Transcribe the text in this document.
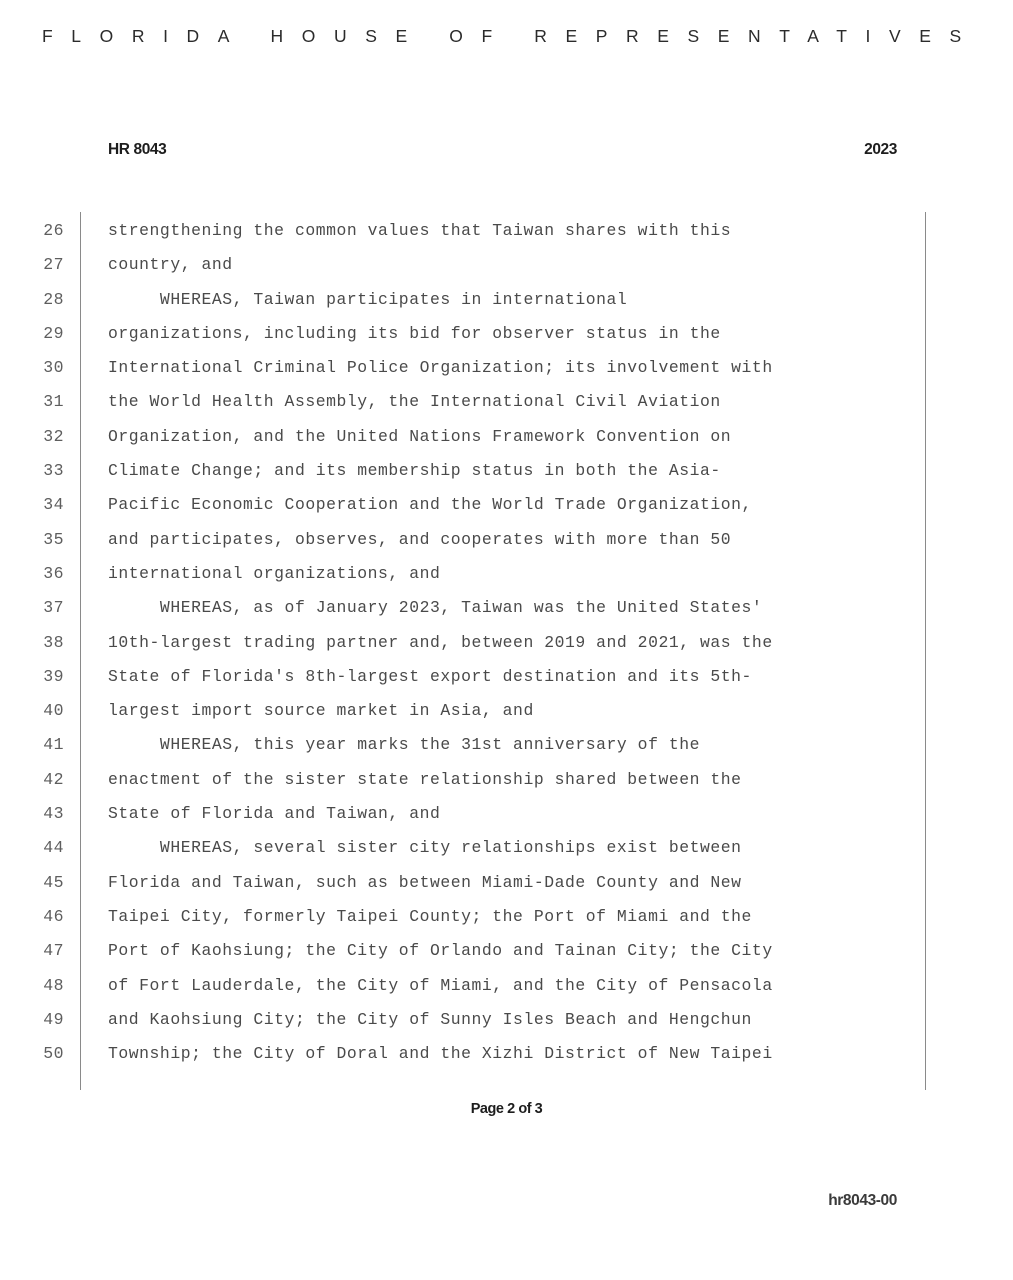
FLORIDA HOUSE OF REPRESENTATIVES
HR 8043	2023
26	strengthening the common values that Taiwan shares with this
27	country, and
28	WHEREAS, Taiwan participates in international
29	organizations, including its bid for observer status in the
30	International Criminal Police Organization; its involvement with
31	the World Health Assembly, the International Civil Aviation
32	Organization, and the United Nations Framework Convention on
33	Climate Change; and its membership status in both the Asia-
34	Pacific Economic Cooperation and the World Trade Organization,
35	and participates, observes, and cooperates with more than 50
36	international organizations, and
37	WHEREAS, as of January 2023, Taiwan was the United States'
38	10th-largest trading partner and, between 2019 and 2021, was the
39	State of Florida's 8th-largest export destination and its 5th-
40	largest import source market in Asia, and
41	WHEREAS, this year marks the 31st anniversary of the
42	enactment of the sister state relationship shared between the
43	State of Florida and Taiwan, and
44	WHEREAS, several sister city relationships exist between
45	Florida and Taiwan, such as between Miami-Dade County and New
46	Taipei City, formerly Taipei County; the Port of Miami and the
47	Port of Kaohsiung; the City of Orlando and Tainan City; the City
48	of Fort Lauderdale, the City of Miami, and the City of Pensacola
49	and Kaohsiung City; the City of Sunny Isles Beach and Hengchun
50	Township; the City of Doral and the Xizhi District of New Taipei
Page 2 of 3
hr8043-00
